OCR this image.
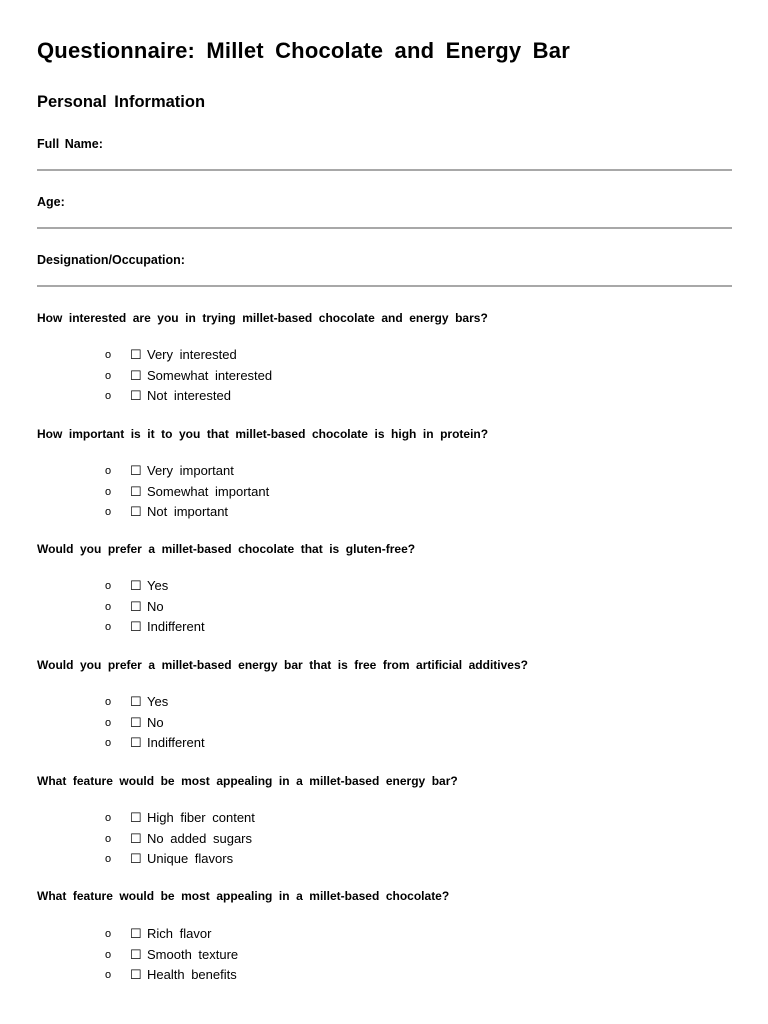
Questionnaire: Millet Chocolate and Energy Bar
Personal Information
Full Name:
Age:
Designation/Occupation:
How interested are you in trying millet-based chocolate and energy bars?
o	☐ Very interested
o	☐ Somewhat interested
o	☐ Not interested
How important is it to you that millet-based chocolate is high in protein?
o	☐ Very important
o	☐ Somewhat important
o	☐ Not important
Would you prefer a millet-based chocolate that is gluten-free?
o	☐ Yes
o	☐ No
o	☐ Indifferent
Would you prefer a millet-based energy bar that is free from artificial additives?
o	☐ Yes
o	☐ No
o	☐ Indifferent
What feature would be most appealing in a millet-based energy bar?
o	☐ High fiber content
o	☐ No added sugars
o	☐ Unique flavors
What feature would be most appealing in a millet-based chocolate?
o	☐ Rich flavor
o	☐ Smooth texture
o	☐ Health benefits
